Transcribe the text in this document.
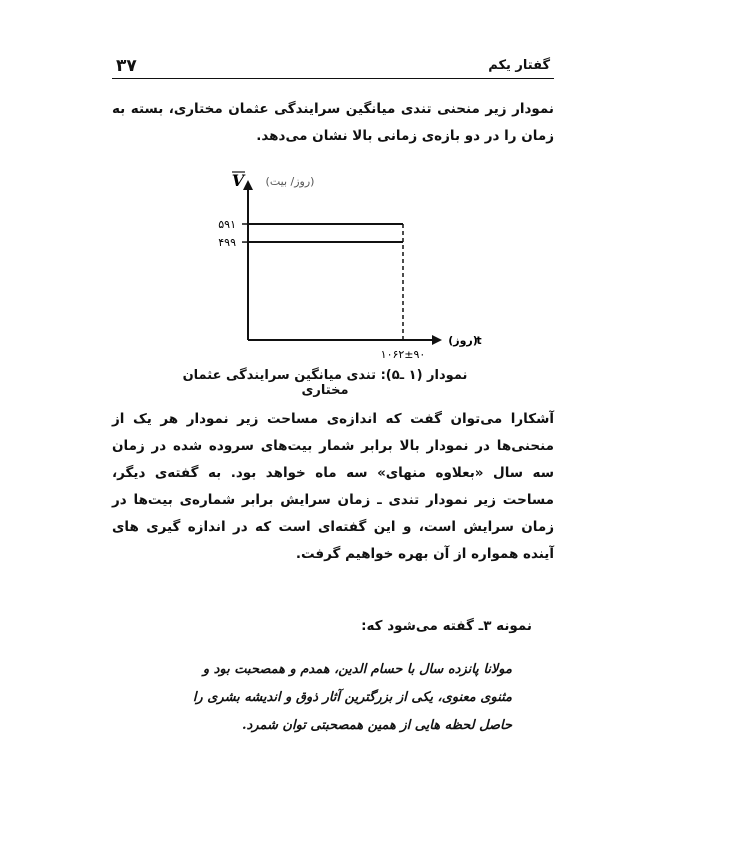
۳۷	گفتار یکم
نمودار زیر منحنی تندی میانگین سرایندگی عثمان مختاری، بسته به زمان را در دو بازه‌ی زمانی بالا نشان می‌دهد.
V (روز/ بیت)
(روز)
t
۵۹۱
۴۹۹
۱۰۶۲±۹۰
نمودار (۱ ـ۵): تندی میانگین سرایندگی عثمان مختاری
آشکارا می‌توان گفت که اندازه‌ی مساحت زیر نمودار هر یک از منحنی‌ها در نمودار بالا برابر شمار بیت‌های سروده شده در زمان سه سال «بعلاوه منهای» سه ماه خواهد بود. به گفته‌ی دیگر، مساحت زیر نمودار تندی ـ زمان سرایش برابر شماره‌ی بیت‌ها در زمان سرایش است، و این گفته‌ای است که در اندازه گیری های آینده همواره از آن بهره خواهیم گرفت.
نمونه ۳ـ گفته می‌شود که:
مولانا پانزده سال با حسام الدین، همدم و همصحبت بود و
مثنوی معنوی، یکی از بزرگترین آثار ذوق و اندیشه بشری را
حاصل لحظه هایی از همین همصحبتی توان شمرد.
